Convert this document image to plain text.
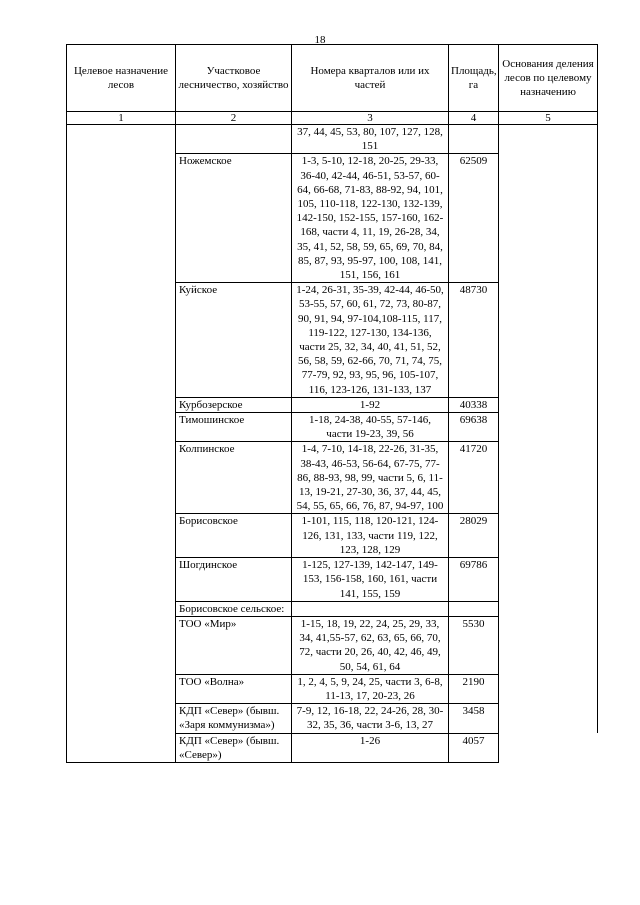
18
Целевое назначение лесов	Участковое лесничество, хозяйство	Номера кварталов или их частей	Площадь, га	Основания деления лесов по целевому назначению
1	2	3	4	5
		37, 44, 45, 53, 80, 107, 127, 128, 151		
	Ножемское	1-3, 5-10, 12-18, 20-25, 29-33, 36-40, 42-44, 46-51, 53-57, 60-64, 66-68, 71-83, 88-92, 94, 101, 105, 110-118, 122-130, 132-139, 142-150, 152-155, 157-160, 162-168, части 4, 11, 19, 26-28, 34, 35, 41, 52, 58, 59, 65, 69, 70, 84, 85, 87, 93, 95-97, 100, 108, 141, 151, 156, 161	62509	
	Куйское	1-24, 26-31, 35-39, 42-44, 46-50, 53-55, 57, 60, 61, 72, 73, 80-87, 90, 91, 94, 97-104,108-115, 117, 119-122, 127-130, 134-136, части 25, 32, 34, 40, 41, 51, 52, 56, 58, 59, 62-66, 70, 71, 74, 75, 77-79, 92, 93, 95, 96, 105-107, 116, 123-126, 131-133, 137	48730	
	Курбозерское	1-92	40338	
	Тимошинское	1-18, 24-38, 40-55, 57-146, части 19-23, 39, 56	69638	
	Колпинское	1-4, 7-10, 14-18, 22-26, 31-35, 38-43, 46-53, 56-64, 67-75, 77-86, 88-93, 98, 99, части 5, 6, 11-13, 19-21, 27-30, 36, 37, 44, 45, 54, 55, 65, 66, 76, 87, 94-97, 100	41720	
	Борисовское	1-101, 115, 118, 120-121, 124-126, 131, 133, части 119, 122, 123, 128, 129	28029	
	Шогдинское	1-125, 127-139, 142-147, 149-153, 156-158, 160, 161, части 141, 155, 159	69786	
	Борисовское сельское:			
	ТОО «Мир»	1-15, 18, 19, 22, 24, 25, 29, 33, 34, 41,55-57, 62, 63, 65, 66, 70, 72, части 20, 26, 40, 42, 46, 49, 50, 54, 61, 64	5530	
	ТОО «Волна»	1, 2, 4, 5, 9, 24, 25, части 3, 6-8, 11-13, 17, 20-23, 26	2190	
	КДП «Север» (бывш. «Заря коммунизма»)	7-9, 12, 16-18, 22, 24-26, 28, 30-32, 35, 36, части 3-6, 13, 27	3458	
	КДП «Север» (бывш. «Север»)	1-26	4057	
